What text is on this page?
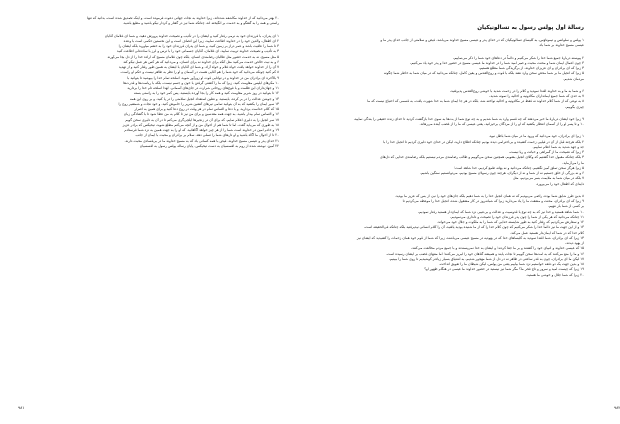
۲۰ بهتر می‌دانید که از خداوند مکاشفه شده‌اند، زیرا خداوند به نجات جهانی دعوت فرموده است، و اینک تصدیق شده است، بدانید که تنها
راستی و همه را به گفتگو و به خدمت بر انگیخته اند، چنانکه شما نیز در گفتار و کردار نیکو باشید و مطیع باشید.
۱ ای پدران، با فرزندان خود به نرمی رفتار کنید و ایشان را در تأدیب و نصیحت خداوند پرورش دهید، و شما ای غلامان آقایان
۲ ای اطفال، والدین خود را در خداوند اطاعت نمایید، زیرا این انصاف است و این نخستین حکمی است با وعده
۳ تا شما را عافیت باشد و عمر دراز بر زمین کنید، و شما ای پدران فرزندان خود را به خشم میاورید بلکه ایشان را
۴ به تأدیب و نصیحت خداوند تربیت نمایید. ای غلامان، آقایان جسمانی خود را با ترس و لرز با ساده‌دلی اطاعت کنید
۵ مثل مسیح. نه به خدمت حضور مثل طالبان رضامندی انسان، بلکه چون غلامان مسیح که اراده خدا را از دل بجا می‌آورند
۶ و به نیت خالص خدمت می‌کنید مثل آنکه برای خداوند نه برای انسان، و می‌دانید که هر کس هر عمل نیکو کند
۷ آن را از خداوند خواهد یافت خواه غلام و خواه آزاد. و شما ای آقایان با ایشان به همین طور رفتار کنید و از تهدید
۸ کم کنید چونکه می‌دانید که خود شما را هم آقایی هست در آسمان و او را نظر به ظاهر نیست و حکم او راست.
۹ بالآخره ای برادران من در خداوند و در توانایی قوت او زورآور شوید. اسلحه تمام خدا را بپوشید تا بتوانید با
۱۰ مکرهای ابلیس مقاومت کنید. زیرا که ما را کشتی گرفتن با خون و جسم نیست، بلکه با ریاست‌ها و قدرت‌ها
۱۱ و جهان‌داران این ظلمت و با فوج‌های روحانی شرارت در جای‌های آسمانی. لهذا اسلحه تام خدا را بردارید
۱۲ تا بتوانید در روز شریر مقاومت کنید و همه کار را بجا آورده بایستید. پس کمر خود را به راستی بسته
۱۳ و جوشن عدالت را در بر کرده، بایستید. و نعلین استعداد انجیل سلامتی را در پا کنید. و بر روی این همه
۱۴ سپر ایمان را بکشید که به آن بتوانید تمامی تیرهای آتشین شریر را خاموش کنید. و خود نجات و شمشیر روح را
۱۵ که کلام خداست بردارید. و با دعا و التماس تمام در هر وقت در روح دعا کنید و برای همین به اصرار
۱۶ و التماس تمام بیدار باشید. به جهت همه مقدسین و برای من نیز تا کلام به من عطا شود تا با گشادگی زبان
۱۷ سر انجیل را به دلیری اعلام نمایم. که برای آن در زنجیرها ایلچی‌گری می‌کنم تا در آن به دلیری سخن گویم
۱۸ به طوری که می‌باید گفت. اما تا شما هم از احوال من و از آنچه می‌کنم مطلع شوید، تیخیکس که برادر عزیز
۱۹ و خادم امین در خداوند است شما را از هر چیز خواهد آگاهانید. که او را به جهت همین به نزد شما فرستادم
۲۰ تا از احوال ما آگاه باشید و او دل‌های شما را تسلی دهد. سلام بر برادران و محبت با ایمان از جانب
۲۱ خدای پدر و عیسی مسیح خداوند. فیض با همه کسانی باد که به مسیح خداوند ما در بی‌فسادی محبت دارند.
۲۲ آمین. نوشته شده از روم به افسسیان به دست تیخیکس. پایان رساله پولس رسول به افسسیان
۹۸۱
رسالهٔ اول پولس رسول به تسالونیکیان
۱ پولس و سلوانس و تیموتاؤس، به کلیسای تسالونیکیان که در خدای پدر و عیسی مسیح خداوند می‌باشد. فیض و سلامتی از جانب خدای پدر ما و
عیسی مسیح خداوند بر شما باد.
۲ پیوسته دربارهٔ جمیع شما خدا را شکر می‌کنیم و دائماً در دعاهای خود شما را ذکر می‌نماییم،
۳ چون اعمال ایمان شما و محنت محبت و صبر امید شما را در خداوند ما عیسی مسیح در حضور خدا و پدر خود یاد می‌کنیم،
۴ زیرا که ای برادران و ای عزیزان خداوند، از برگزیدگی شما مطلع هستیم،
۵ زیرا که انجیل ما بر شما محض سخن وارد نشد بلکه با قوت و روح‌القدس و یقین کامل، چنانکه می‌دانید که در میان شما به خاطر شما چگونه
مردمان شدیم.
۶ و شما به ما و به خداوند اقتدا نمودید و کلام را در زحمت شدید با خوشی روح‌القدس پذیرفتید،
۷ به حدی که شما جمیع ایمانداران مکادونیه و اخائیه را نمونه شدید،
۸ به نوعی که از شما کلام خداوند نه فقط در مکادونیه و اخائیه نواخته شد، بلکه در هر جا ایمان شما به خدا شهرت یافت، به قسمی که احتیاج نیست که ما
چیزی بگوییم،
۹ زیرا خود ایشان دربارهٔ ما خبر می‌دهند که چه قسم وارد به شما شدیم و به چه نوع شما از بت‌ها به سوی خدا بازگشت کردید تا خدای زنده حقیقی را بندگی نمایید،
۱۰ و تا پسر او را از آسمان انتظار بکشید که او را از مردگان برخیزانید، یعنی عیسی که ما را از غضب آینده می‌رهاند.
۱ زیرا ای برادران، خود می‌دانید که ورود ما در میان شما باطل نبود.
۲ بلکه هرچند قبل از آن در فیلپی زحمت کشیده و بی‌احترامی دیده بودیم چنانکه اطلاع دارید، لیکن در خدای خود دلیری کردیم تا انجیل خدا را با
جد و جهد شدید به شما اعلام نماییم.
۳ زیرا که نصیحت ما از گمراهی و خباثت و ریا نیست،
۴ بلکه چنانکه مقبول خدا گشتیم که وکلای انجیل بشویم، همچنین سخن می‌گوییم و طالب رضامندی مردم نیستیم بلکه رضامندی خدایی که دل‌های
ما را می‌آزماید.
۵ زیرا هرگز سخن تملق آمیز نگفتیم، چنانکه می‌دانید و نه بهانه طمع کردیم، خدا شاهد است؛
۶ و نه بزرگی از خلق جستیم نه از شما و نه از دیگران، هرچند چون رسولان مسیح بودیم، می‌توانستیم سنگین باشیم.
۷ بلکه در میان شما به ملایمت بسر می‌بردیم، مثل
دایه‌ای که اطفال خود را می‌پرورد.
۸ بدین طرز شایق شما بوده، راضی می‌بودیم که نه همان انجیل خدا را به شما دهیم بلکه جان‌های خود را نیز، از بس که عزیز ما بودید.
۹ زیرا که ای برادران، محنت و مشقت ما را یاد می‌دارید زیرا که شبانه‌روز در کار مشغول شده، انجیل خدا را موعظه می‌کردیم تا
بر کسی از شما بار ننهیم.
۱۰ شما شاهد هستید و خدا نیز که به چه نوع با قدوسیت و عدالت و بی‌عیبی نزد شما که ایمان‌دار هستید رفتار نمودیم،
۱۱ چنانکه می‌دانید که هر یکی از شما را چون پدر فرزندان خود را نصیحت و دلداری می‌نمودیم،
۱۲ و سفارش می‌کردیم که رفتار کنید به طور شایسته خدایی که شما را به ملکوت و جلال خود می‌خواند.
۱۳ و از این جهت ما نیز دائماً خدا را شکر می‌کنیم که چون کلام خدا را که از ما شنیده بودید یافتید، آن را کلام انسانی نپذیرفتید بلکه چنانکه فی‌الحقیقه است،
کلام خدا که در شما که ایمان‌دار هستید عمل می‌کند.
۱۴ زیرا که ای برادران، شما اقتدا نمودید به کلیساهای خدا که در یهودیه در مسیح عیسی می‌باشند، زیرا که شما از قوم خود همان زحمات را کشیدید که ایشان نیز
از یهود دیدند،
۱۵ که عیسی خداوند و انبیای خود را کشتند و بر ما جفا کردند؛ و ایشان به خدا نمی‌پسندند و با جمیع مردم مخالفت می‌کنند،
۱۶ و ما را منع می‌کنند که به امت‌ها سخن گوییم تا نجات یابند و همیشه گناهان خود را لبریز می‌کنند؛ اما منتهای غضب بر ایشان رسیده است.
۱۷ لیکن ما ای برادران، چون به قدر ساعتی در ظاهر نه در دل از شما مهجور شدیم، به اشتیاق بسیار زیادتر کوشیدیم تا روی شما را ببینیم.
۱۸ و بدین جهت یک دو دفعه خواستیم نزد شما بیاییم یعنی من پولس، لیکن شیطان ما را تعویق انداخت.
۱۹ زیرا که چیست امید و سرور و تاج فخر ما؟ مگر شما نیز نیستید در حضور خداوند ما عیسی در هنگام ظهور او؟
۲۰ زیرا که شما جلال و خوشی ما هستید.
۹۸۲
